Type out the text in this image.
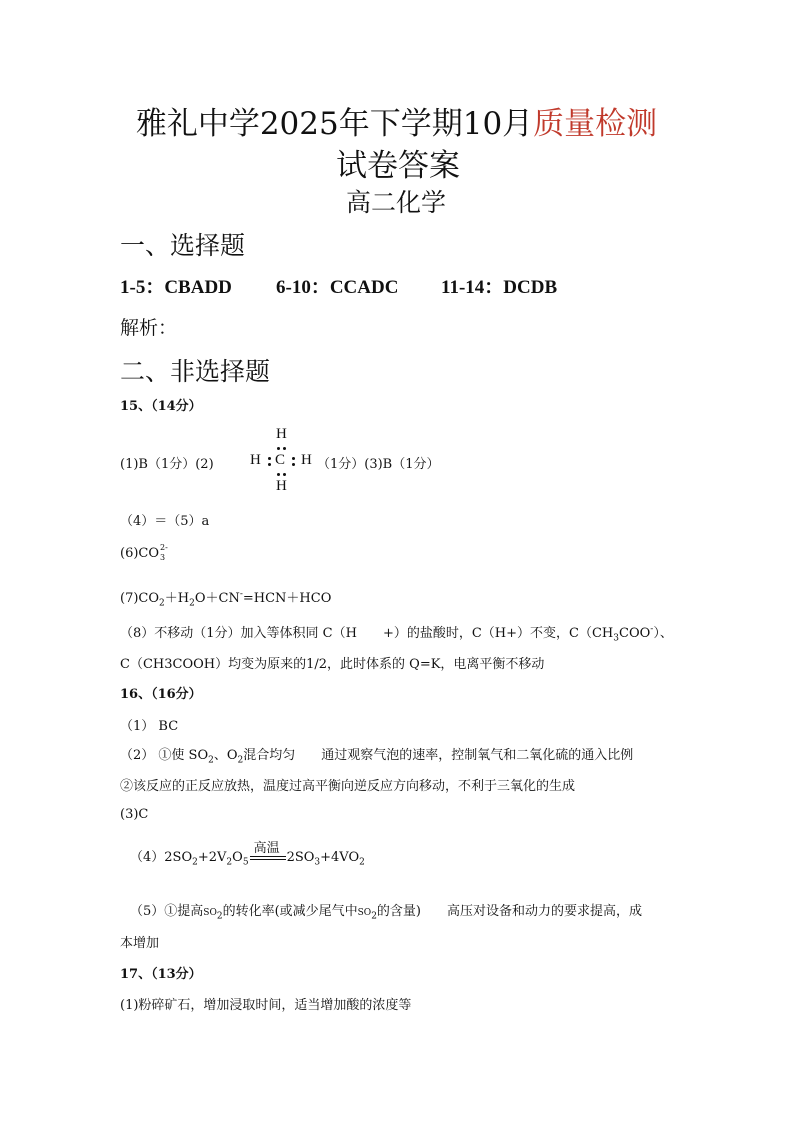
雅礼中学2025年下学期10月质量检测
试卷答案
高二化学
一、选择题
1-5：CBADD 6-10：CCADC 11-14：DCDB
解析：
二、非选择题
15、（14分）
(1)B（1分）(2)
H
H C H
H
（1分）(3)B（1分）
（4）＝（5）a
(6)CO 2-
3
$(7)CO_2+H_2O+CN^-=HCN+HCO$
（8）不移动（1分）加入等体积同 C（H +）的盐酸时，C（H+）不变，$C(CH_3COO^-)$、
C（CH3COOH）均变为原来的1/2，此时体系的 Q=K，电离平衡不移动
16、（16分）
（1） BC
（2） ①使 $SO_2$、$O_2$混合均匀 通过观察气泡的速率，控制氧气和二氧化硫的通入比例
②该反应的正反应放热，温度过高平衡向逆反应方向移动，不利于三氧化的生成
(3)C
$(4)2SO_2+2V_2O_5$
高温
$2SO_3+4VO_2$
（5）①提高$SO_2$的转化率(或减少尾气中$SO_2$的含量) 高压对设备和动力的要求提高，成
本增加
17、（13分）
(1)粉碎矿石，增加浸取时间，适当增加酸的浓度等
